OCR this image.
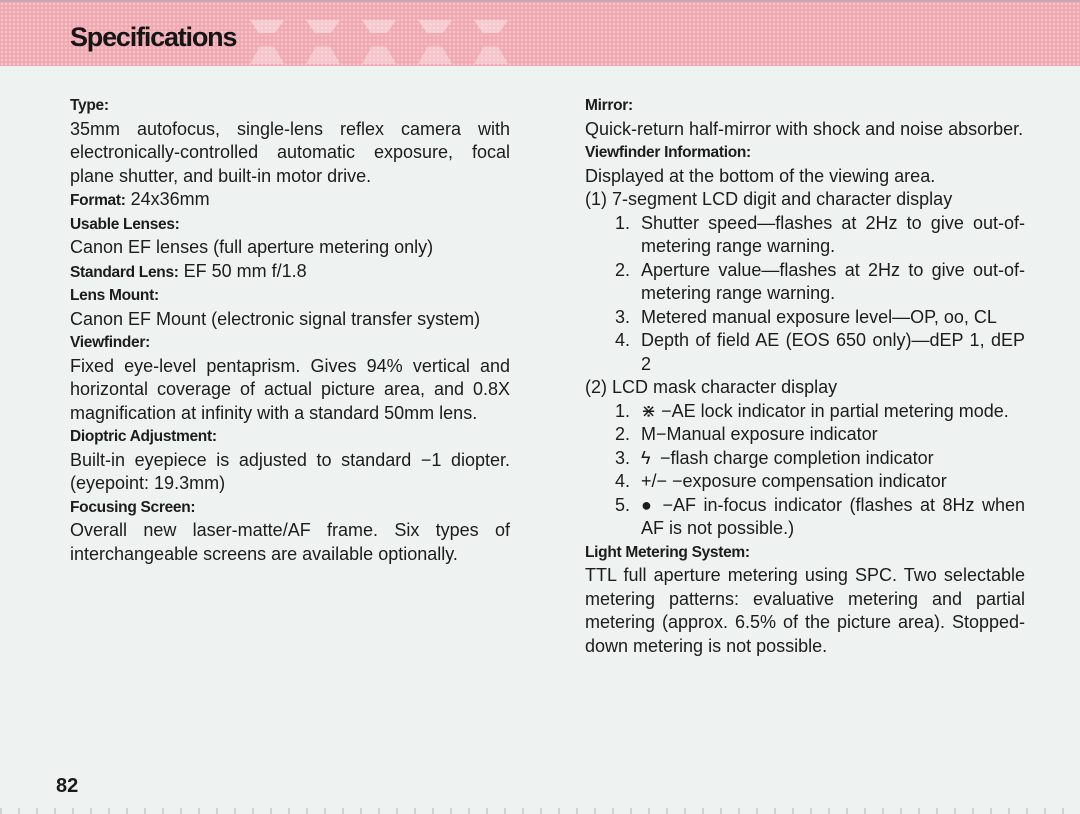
Specifications
Type:
35mm autofocus, single-lens reflex camera with electronically-controlled automatic exposure, focal plane shutter, and built-in motor drive.
Format: 24x36mm
Usable Lenses:
Canon EF lenses (full aperture metering only)
Standard Lens: EF 50 mm f/1.8
Lens Mount:
Canon EF Mount (electronic signal transfer system)
Viewfinder:
Fixed eye-level pentaprism. Gives 94% vertical and horizontal coverage of actual picture area, and 0.8X magnification at infinity with a standard 50mm lens.
Dioptric Adjustment:
Built-in eyepiece is adjusted to standard −1 diopter. (eyepoint: 19.3mm)
Focusing Screen:
Overall new laser-matte/AF frame. Six types of interchangeable screens are available optionally.
Mirror:
Quick-return half-mirror with shock and noise absorber.
Viewfinder Information:
Displayed at the bottom of the viewing area.
(1)
7-segment LCD digit and character display
1. Shutter speed—flashes at 2Hz to give out-of-metering range warning.
2. Aperture value—flashes at 2Hz to give out-of-metering range warning.
3. Metered manual exposure level—OP, oo, CL
4. Depth of field AE (EOS 650 only)—dEP 1, dEP 2
(2)
LCD mask character display
1. ⋇ −AE lock indicator in partial metering mode.
2. M−Manual exposure indicator
3. ϟ −flash charge completion indicator
4. +/− −exposure compensation indicator
5. ● −AF in-focus indicator (flashes at 8Hz when AF is not possible.)
Light Metering System:
TTL full aperture metering using SPC. Two selectable metering patterns: evaluative metering and partial metering (approx. 6.5% of the picture area). Stopped-down metering is not possible.
82
